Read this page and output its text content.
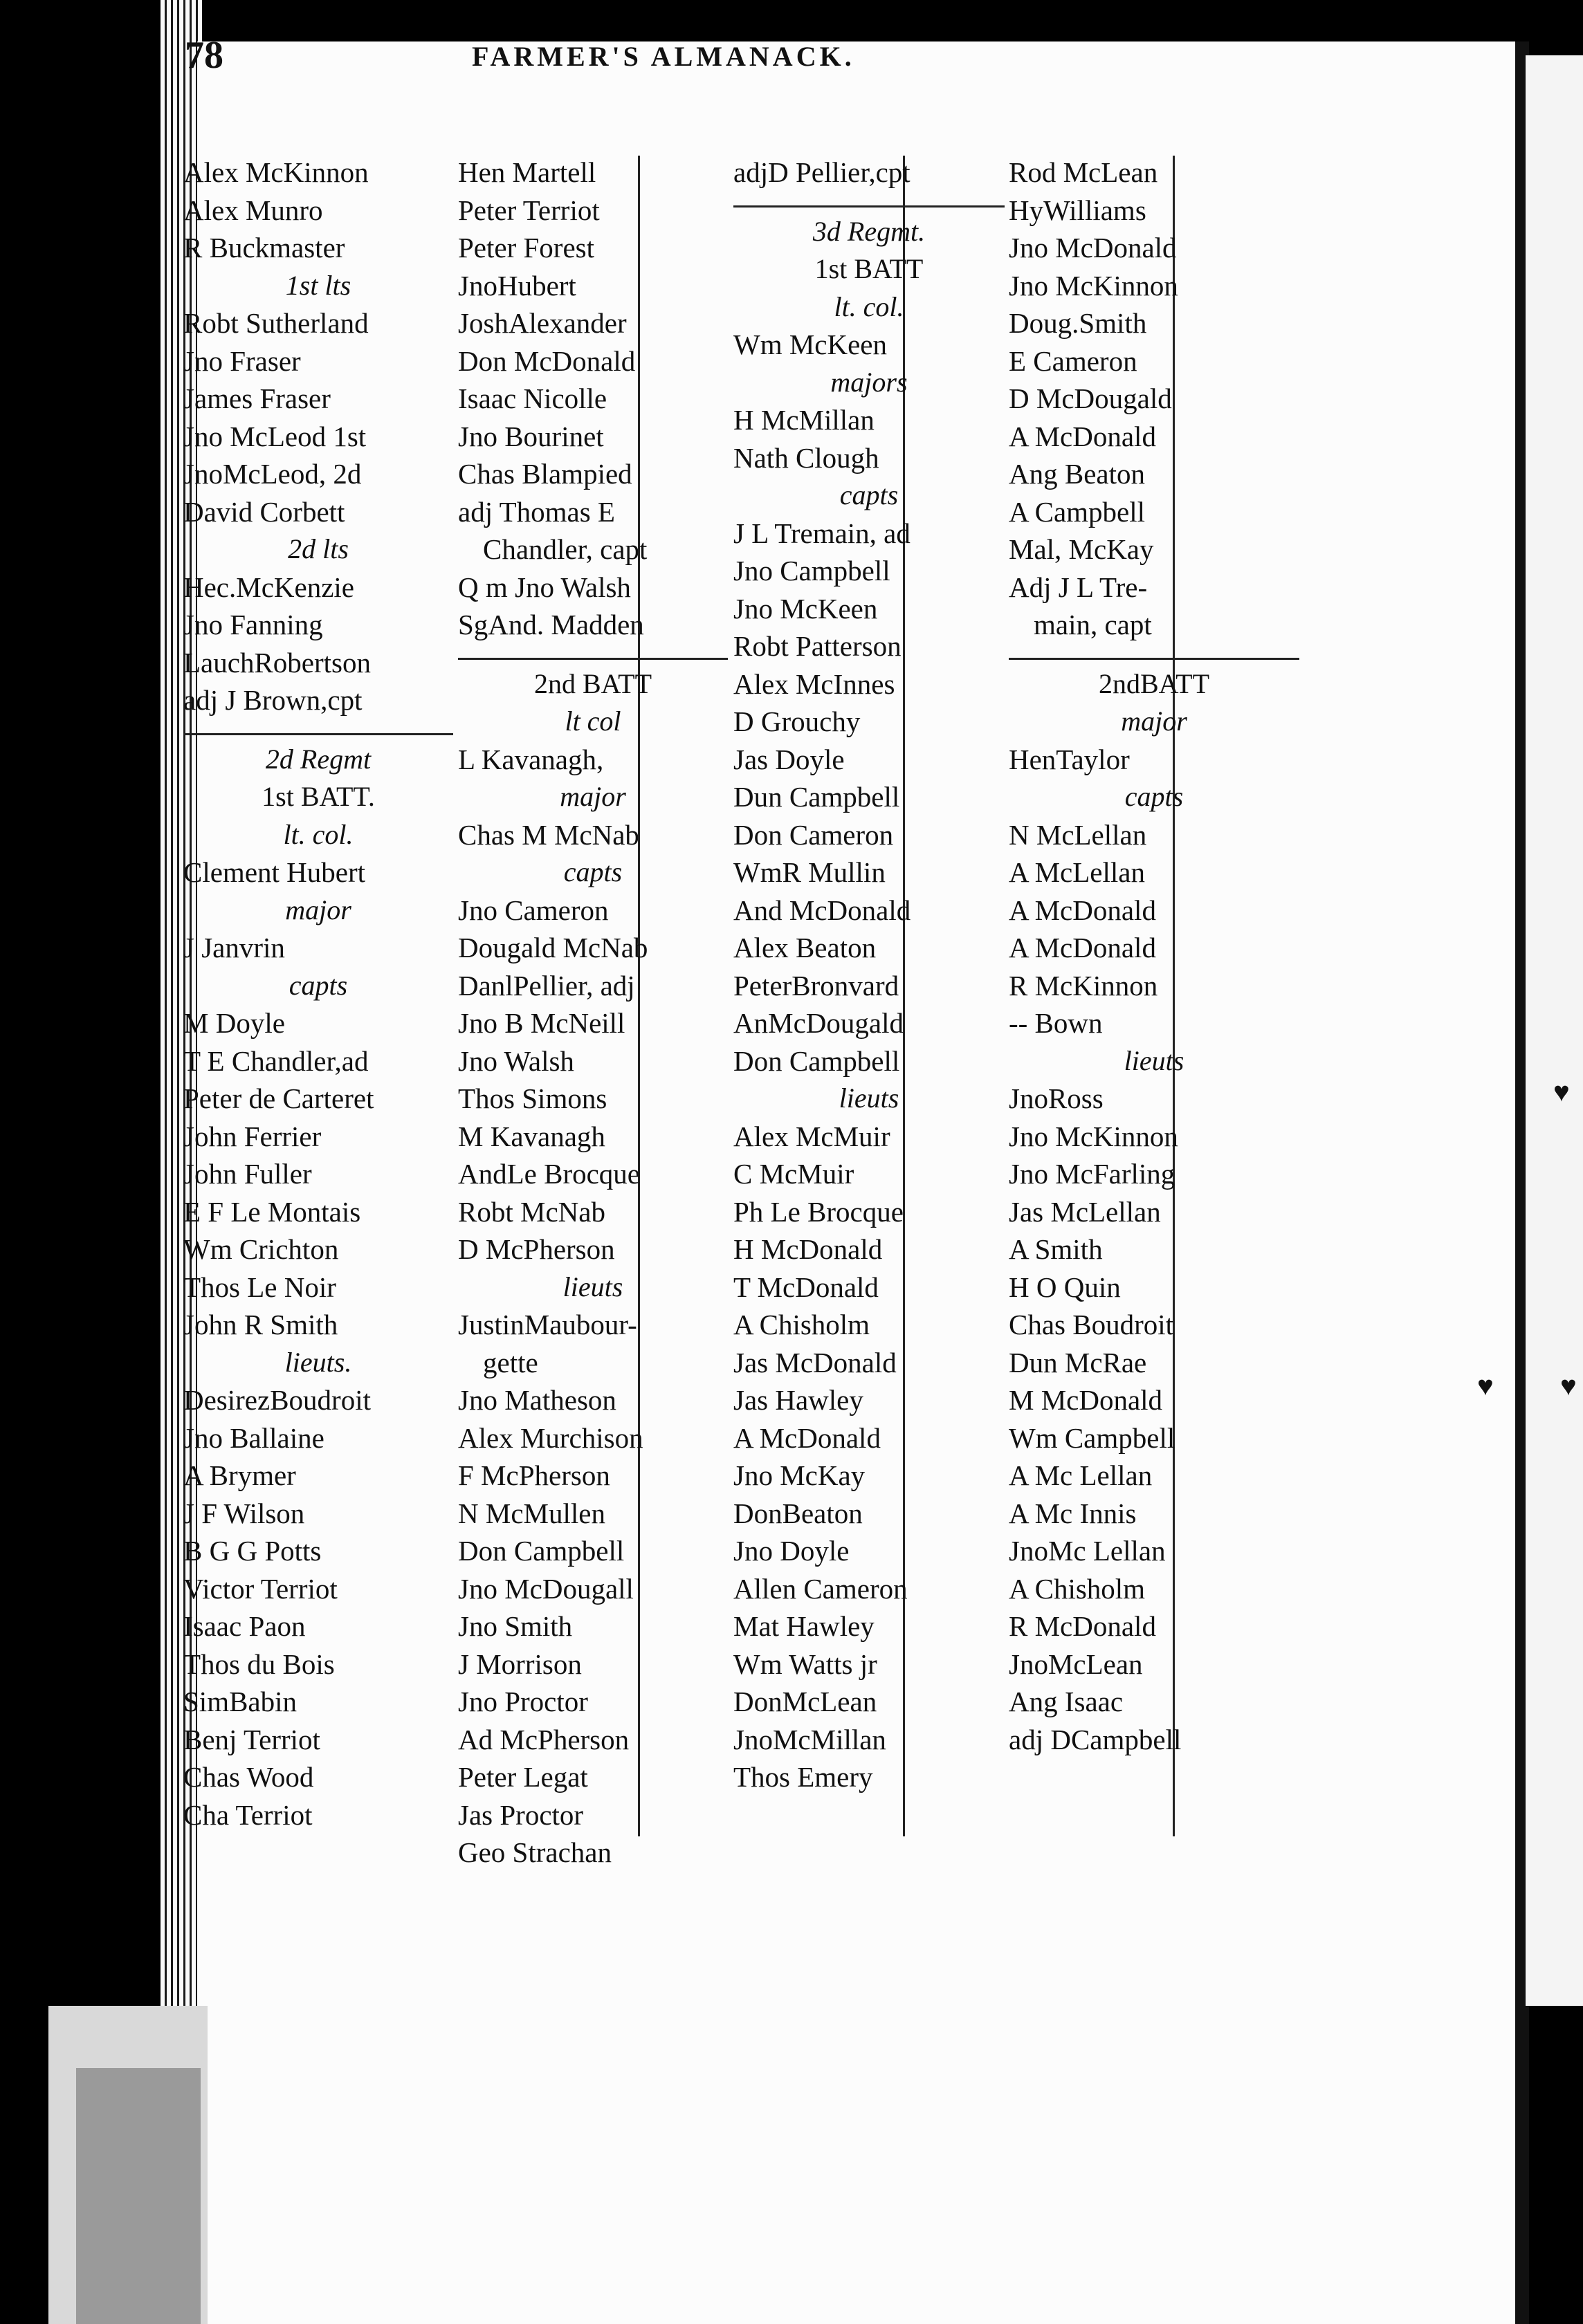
78	FARMER'S ALMANACK.
Alex McKinnon
Alex Munro
R Buckmaster
1st lts
Robt Sutherland
Jno Fraser
James Fraser
Jno McLeod 1st
JnoMcLeod, 2d
David Corbett
2d lts
Hec.McKenzie
Jno Fanning
LauchRobertson
adj J Brown,cpt
2d Regmt
1st BATT.
lt. col.
Clement Hubert
major
J Janvrin
capts
M Doyle
T E Chandler,ad
Peter de Carteret
John Ferrier
John Fuller
E F Le Montais
Wm Crichton
Thos Le Noir
John R Smith
lieuts.
DesirezBoudroit
Jno Ballaine
A Brymer
J F Wilson
B G G Potts
Victor Terriot
Isaac Paon
Thos du Bois
SimBabin
Benj Terriot
Chas Wood
Cha Terriot
Hen Martell
Peter Terriot
Peter Forest
JnoHubert
JoshAlexander
Don McDonald
Isaac Nicolle
Jno Bourinet
Chas Blampied
adj Thomas E
Chandler, capt
Q m Jno Walsh
SgAnd. Madden
2nd BATT
lt col
L Kavanagh,
major
Chas M McNab
capts
Jno Cameron
Dougald McNab
DanlPellier, adj
Jno B McNeill
Jno Walsh
Thos Simons
M Kavanagh
AndLe Brocque
Robt McNab
D McPherson
lieuts
JustinMaubour-
gette
Jno Matheson
Alex Murchison
F McPherson
N McMullen
Don Campbell
Jno McDougall
Jno Smith
J Morrison
Jno Proctor
Ad McPherson
Peter Legat
Jas Proctor
Geo Strachan
adjD Pellier,cpt
3d Regmt.
1st BATT
lt. col.
Wm McKeen
majors
H McMillan
Nath Clough
capts
J L Tremain, ad
Jno Campbell
Jno McKeen
Robt Patterson
Alex McInnes
D Grouchy
Jas Doyle
Dun Campbell
Don Cameron
WmR Mullin
And McDonald
Alex Beaton
PeterBronvard
AnMcDougald
Don Campbell
lieuts
Alex McMuir
C McMuir
Ph Le Brocque
H McDonald
T McDonald
A Chisholm
Jas McDonald
Jas Hawley
A McDonald
Jno McKay
DonBeaton
Jno Doyle
Allen Cameron
Mat Hawley
Wm Watts jr
DonMcLean
JnoMcMillan
Thos Emery
Rod McLean
HyWilliams
Jno McDonald
Jno McKinnon
Doug.Smith
E Cameron
D McDougald
A McDonald
Ang Beaton
A Campbell
Mal, McKay
Adj J L Tre-
main, capt
2ndBATT
major
HenTaylor
capts
N McLellan
A McLellan
A McDonald
A McDonald
R McKinnon
-- Bown
lieuts
JnoRoss
Jno McKinnon
Jno McFarling
Jas McLellan
A Smith
H O Quin
Chas Boudroit
Dun McRae
M McDonald
Wm Campbell
A Mc Lellan
A Mc Innis
JnoMc Lellan
A Chisholm
R McDonald
JnoMcLean
Ang Isaac
adj DCampbell
♥
♥
♥
